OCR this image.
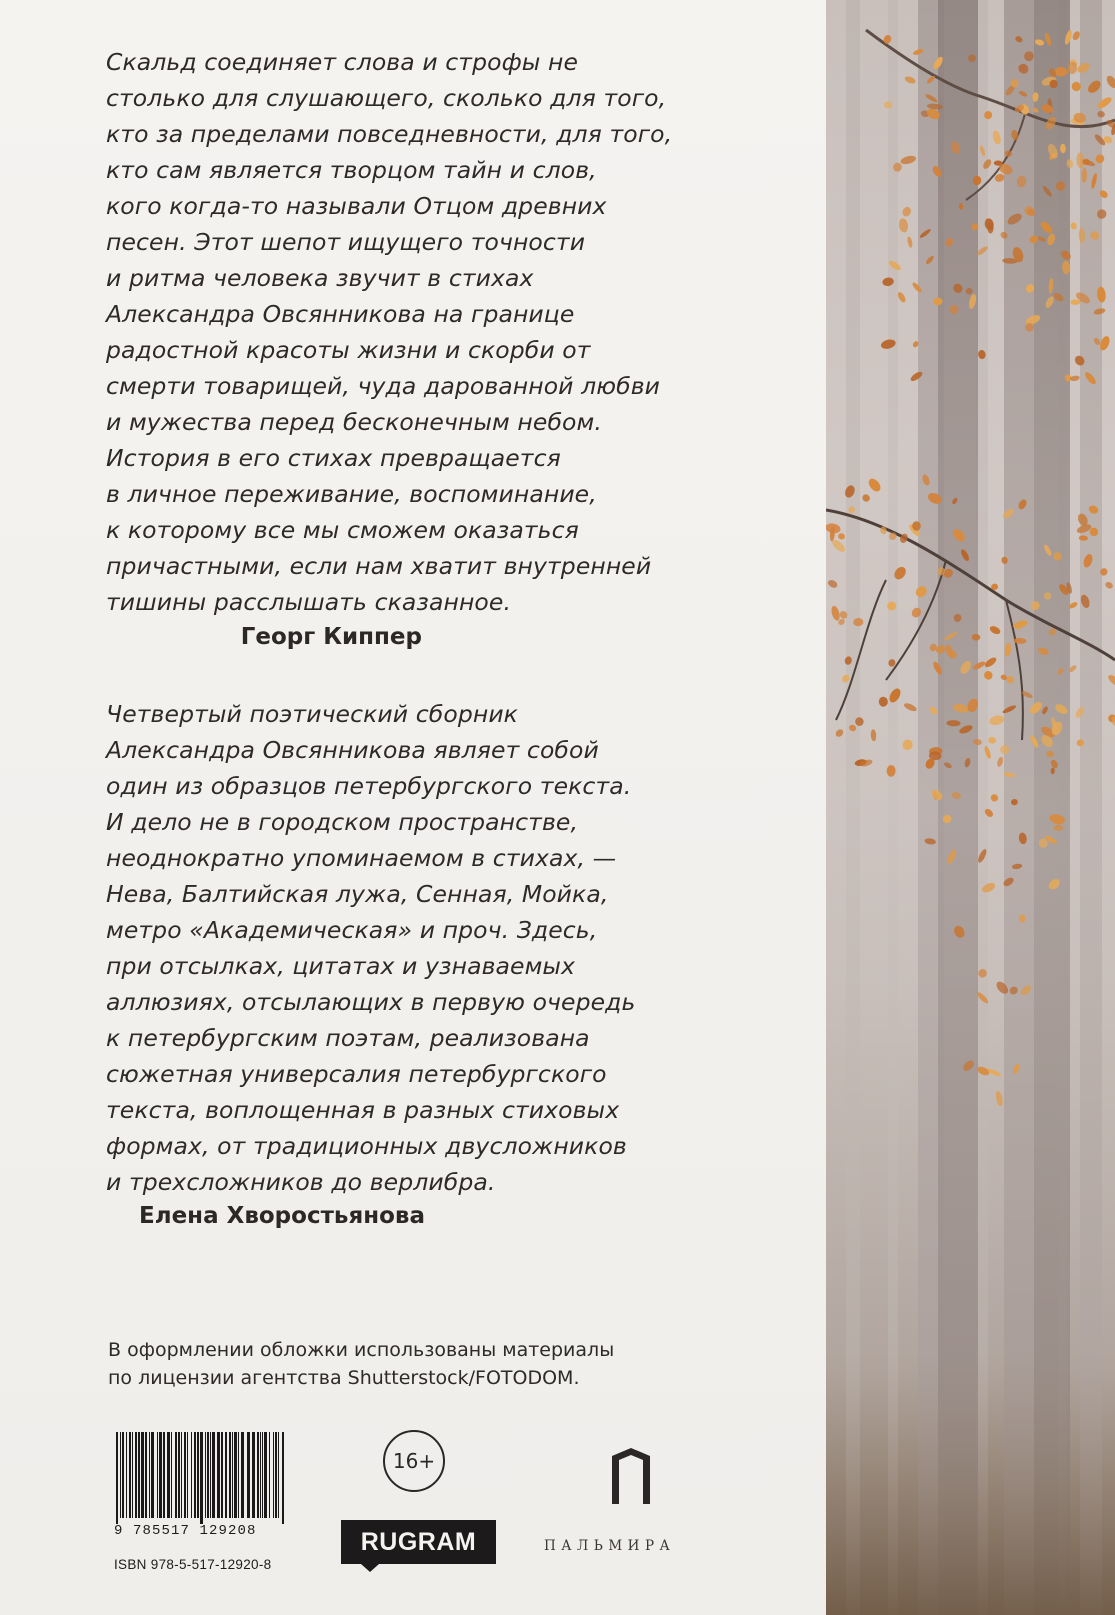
Скальд соединяет слова и строфы не
столько для слушающего, сколько для того,
кто за пределами повседневности, для того,
кто сам является творцом тайн и слов,
кого когда-то называли Отцом древних
песен. Этот шепот ищущего точности
и ритма человека звучит в стихах
Александра Овсянникова на границе
радостной красоты жизни и скорби от
смерти товарищей, чуда дарованной любви
и мужества перед бесконечным небом.
История в его стихах превращается
в личное переживание, воспоминание,
к которому все мы сможем оказаться
причастными, если нам хватит внутренней
тишины расслышать сказанное.
Георг Киппер
Четвертый поэтический сборник
Александра Овсянникова являет собой
один из образцов петербургского текста.
И дело не в городском пространстве,
неоднократно упоминаемом в стихах, —
Нева, Балтийская лужа, Сенная, Мойка,
метро «Академическая» и проч. Здесь,
при отсылках, цитатах и узнаваемых
аллюзиях, отсылающих в первую очередь
к петербургским поэтам, реализована
сюжетная универсалия петербургского
текста, воплощенная в разных стиховых
формах, от традиционных двусложников
и трехсложников до верлибра.
Елена Хворостьянова
В оформлении обложки использованы материалы
по лицензии агентства Shutterstock/FOTODOM.
9 785517 129208
ISBN 978-5-517-12920-8
16+
RUGRAM	ПАЛЬМИРА
